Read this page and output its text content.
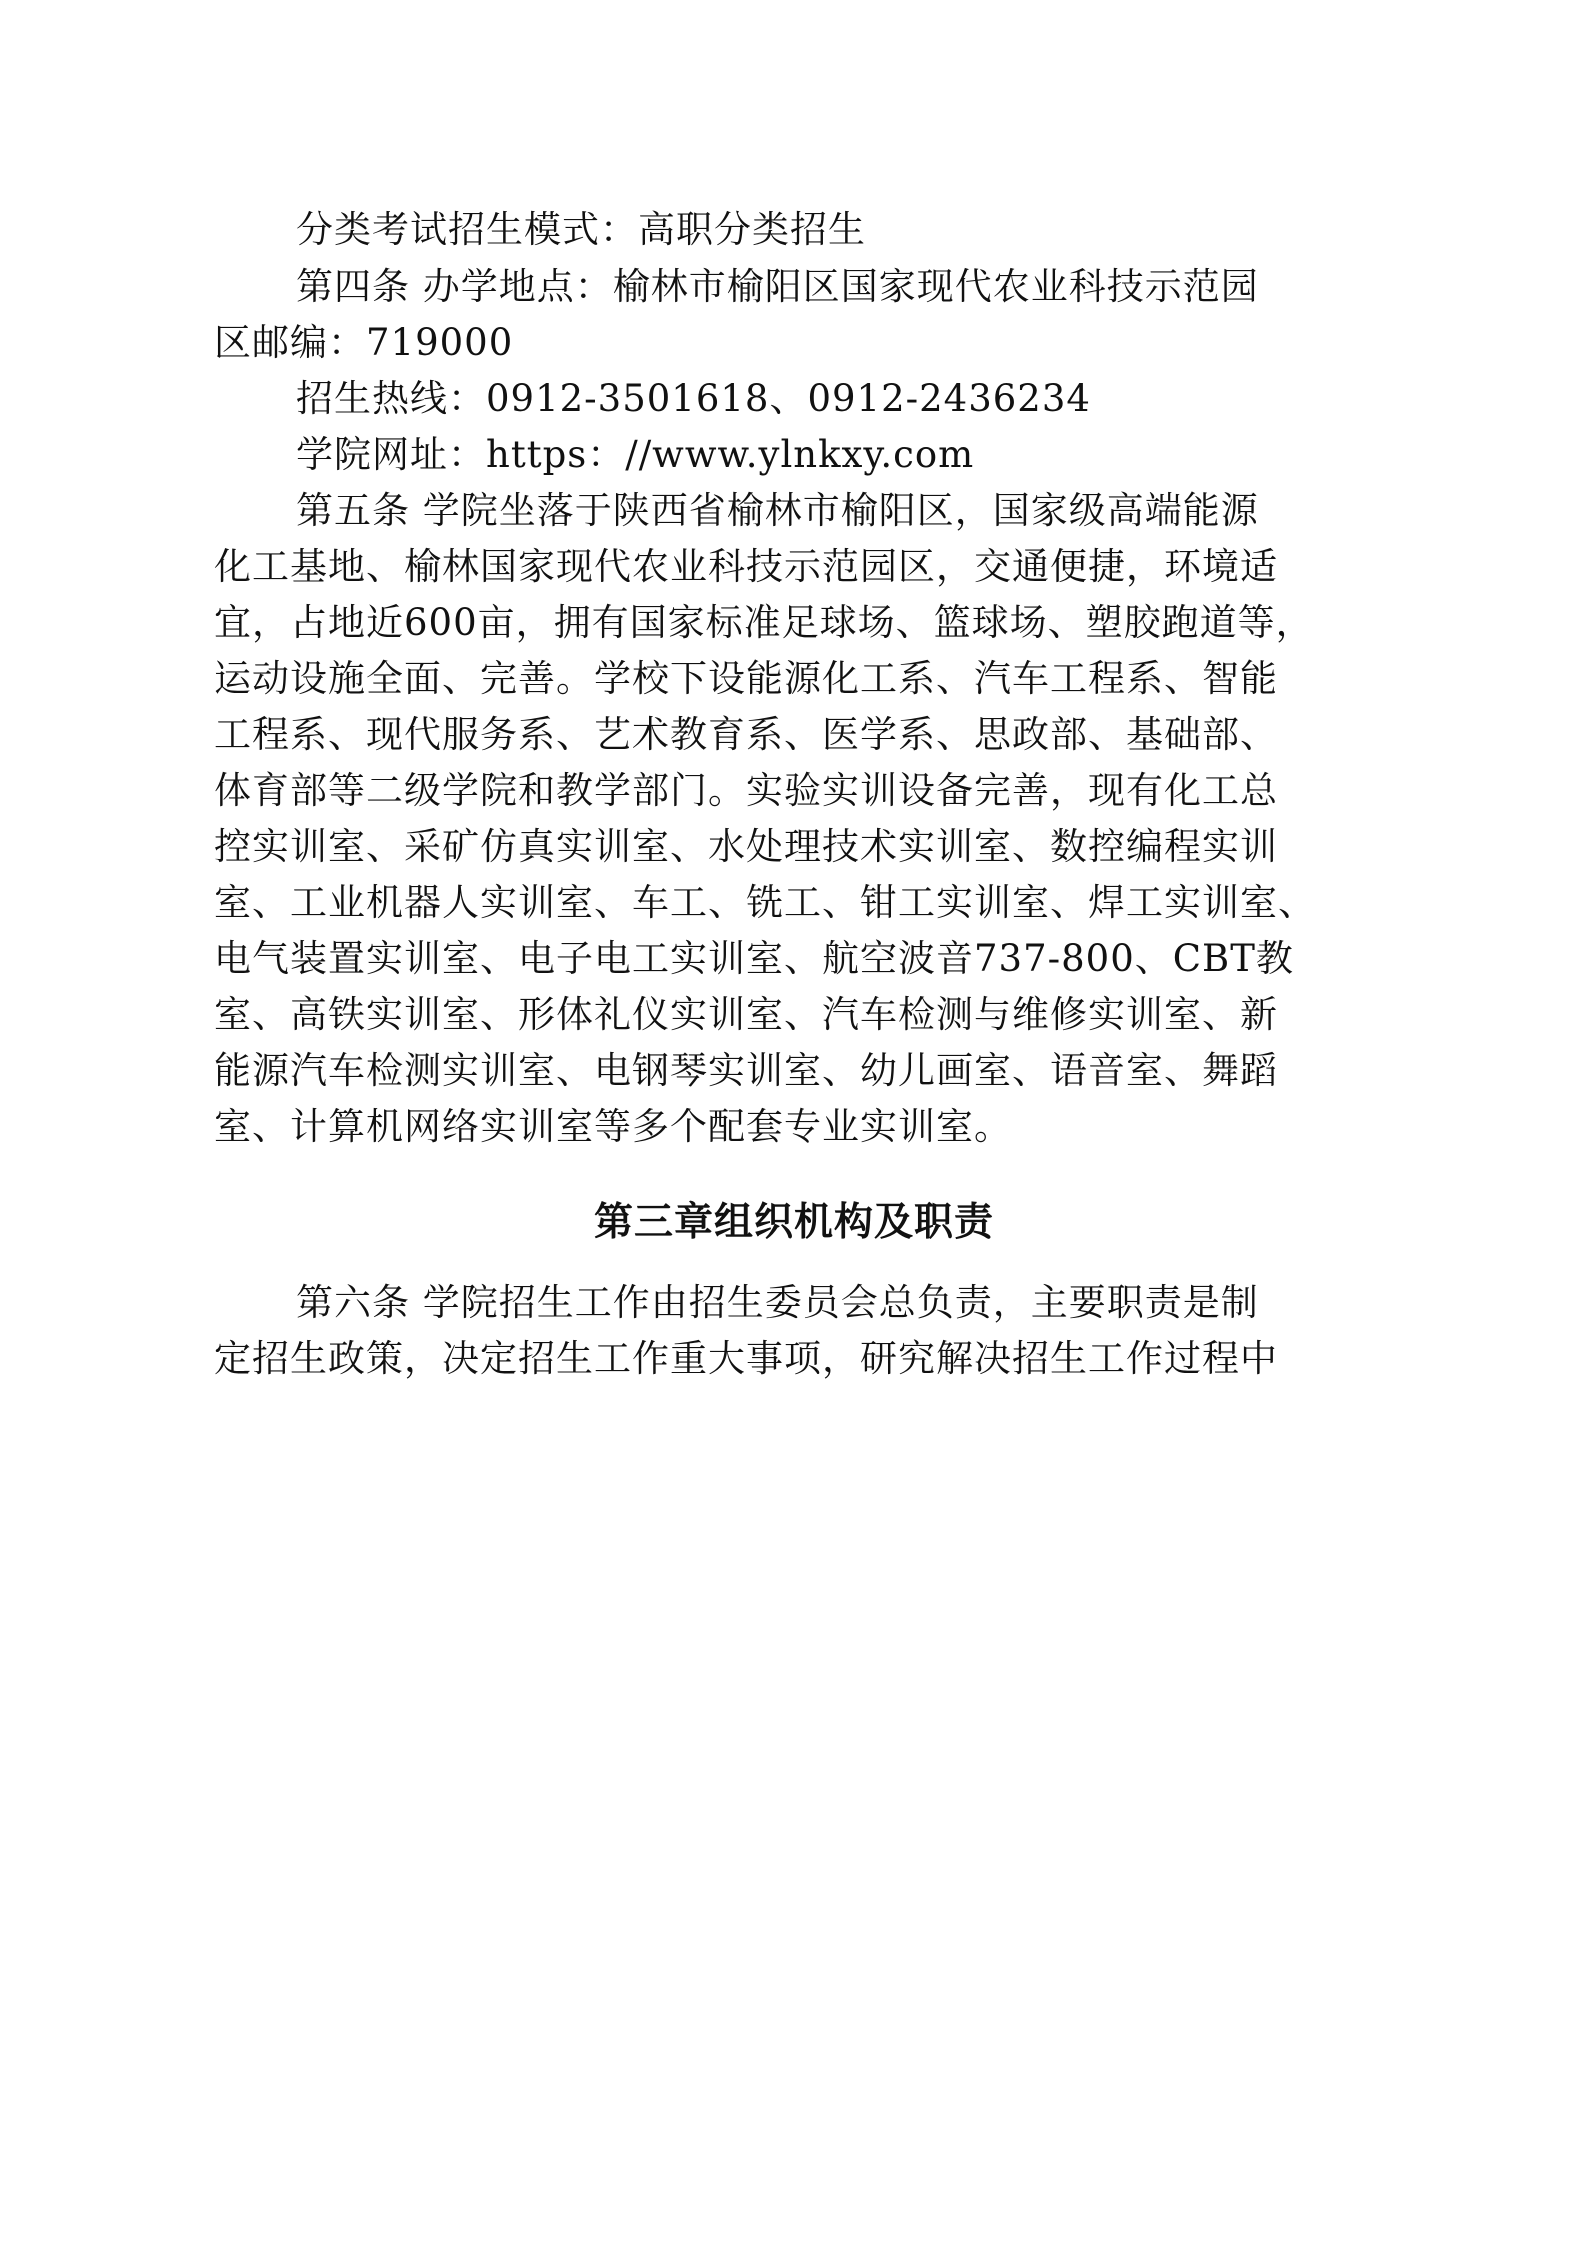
分类考试招生模式：高职分类招生
第四条 办学地点：榆林市榆阳区国家现代农业科技示范园
区邮编：719000
招生热线：0912-3501618、0912-2436234
学院网址：https：//www.ylnkxy.com
第五条 学院坐落于陕西省榆林市榆阳区，国家级高端能源
化工基地、榆林国家现代农业科技示范园区，交通便捷，环境适
宜，占地近600亩，拥有国家标准足球场、篮球场、塑胶跑道等，
运动设施全面、完善。学校下设能源化工系、汽车工程系、智能
工程系、现代服务系、艺术教育系、医学系、思政部、基础部、
体育部等二级学院和教学部门。实验实训设备完善，现有化工总
控实训室、采矿仿真实训室、水处理技术实训室、数控编程实训
室、工业机器人实训室、车工、铣工、钳工实训室、焊工实训室、
电气装置实训室、电子电工实训室、航空波音737-800、CBT教
室、高铁实训室、形体礼仪实训室、汽车检测与维修实训室、新
能源汽车检测实训室、电钢琴实训室、幼儿画室、语音室、舞蹈
室、计算机网络实训室等多个配套专业实训室。
第三章组织机构及职责
第六条 学院招生工作由招生委员会总负责，主要职责是制
定招生政策，决定招生工作重大事项，研究解决招生工作过程中
